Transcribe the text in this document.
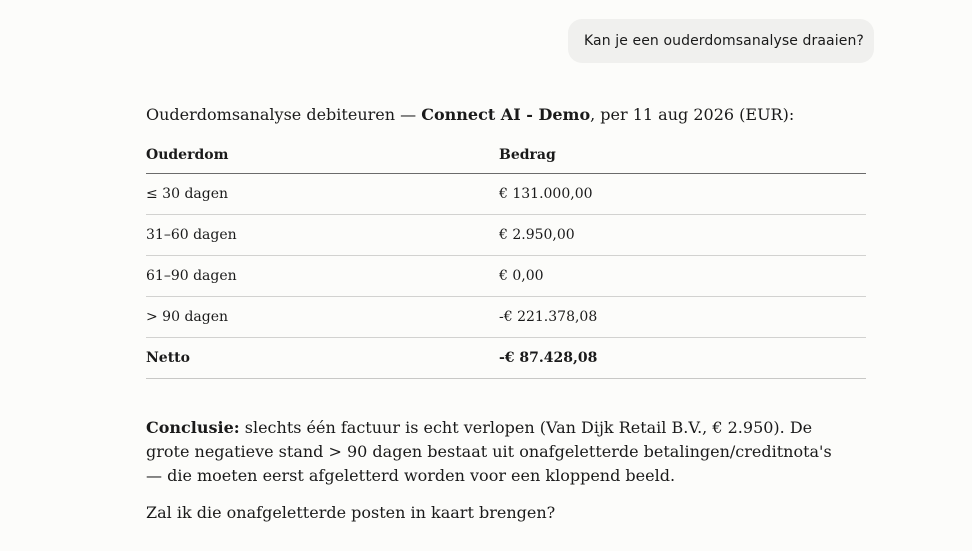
Kan je een ouderdomsanalyse draaien?

Ouderdomsanalyse debiteuren — Connect AI - Demo, per 11 aug 2026 (EUR):

Ouderdom	Bedrag
≤ 30 dagen	€ 131.000,00
31–60 dagen	€ 2.950,00
61–90 dagen	€ 0,00
> 90 dagen	-€ 221.378,08
Netto	-€ 87.428,08

Conclusie: slechts één factuur is echt verlopen (Van Dijk Retail B.V., € 2.950). De grote negatieve stand > 90 dagen bestaat uit onafgeletterde betalingen/creditnota's — die moeten eerst afgeletterd worden voor een kloppend beeld.

Zal ik die onafgeletterde posten in kaart brengen?
